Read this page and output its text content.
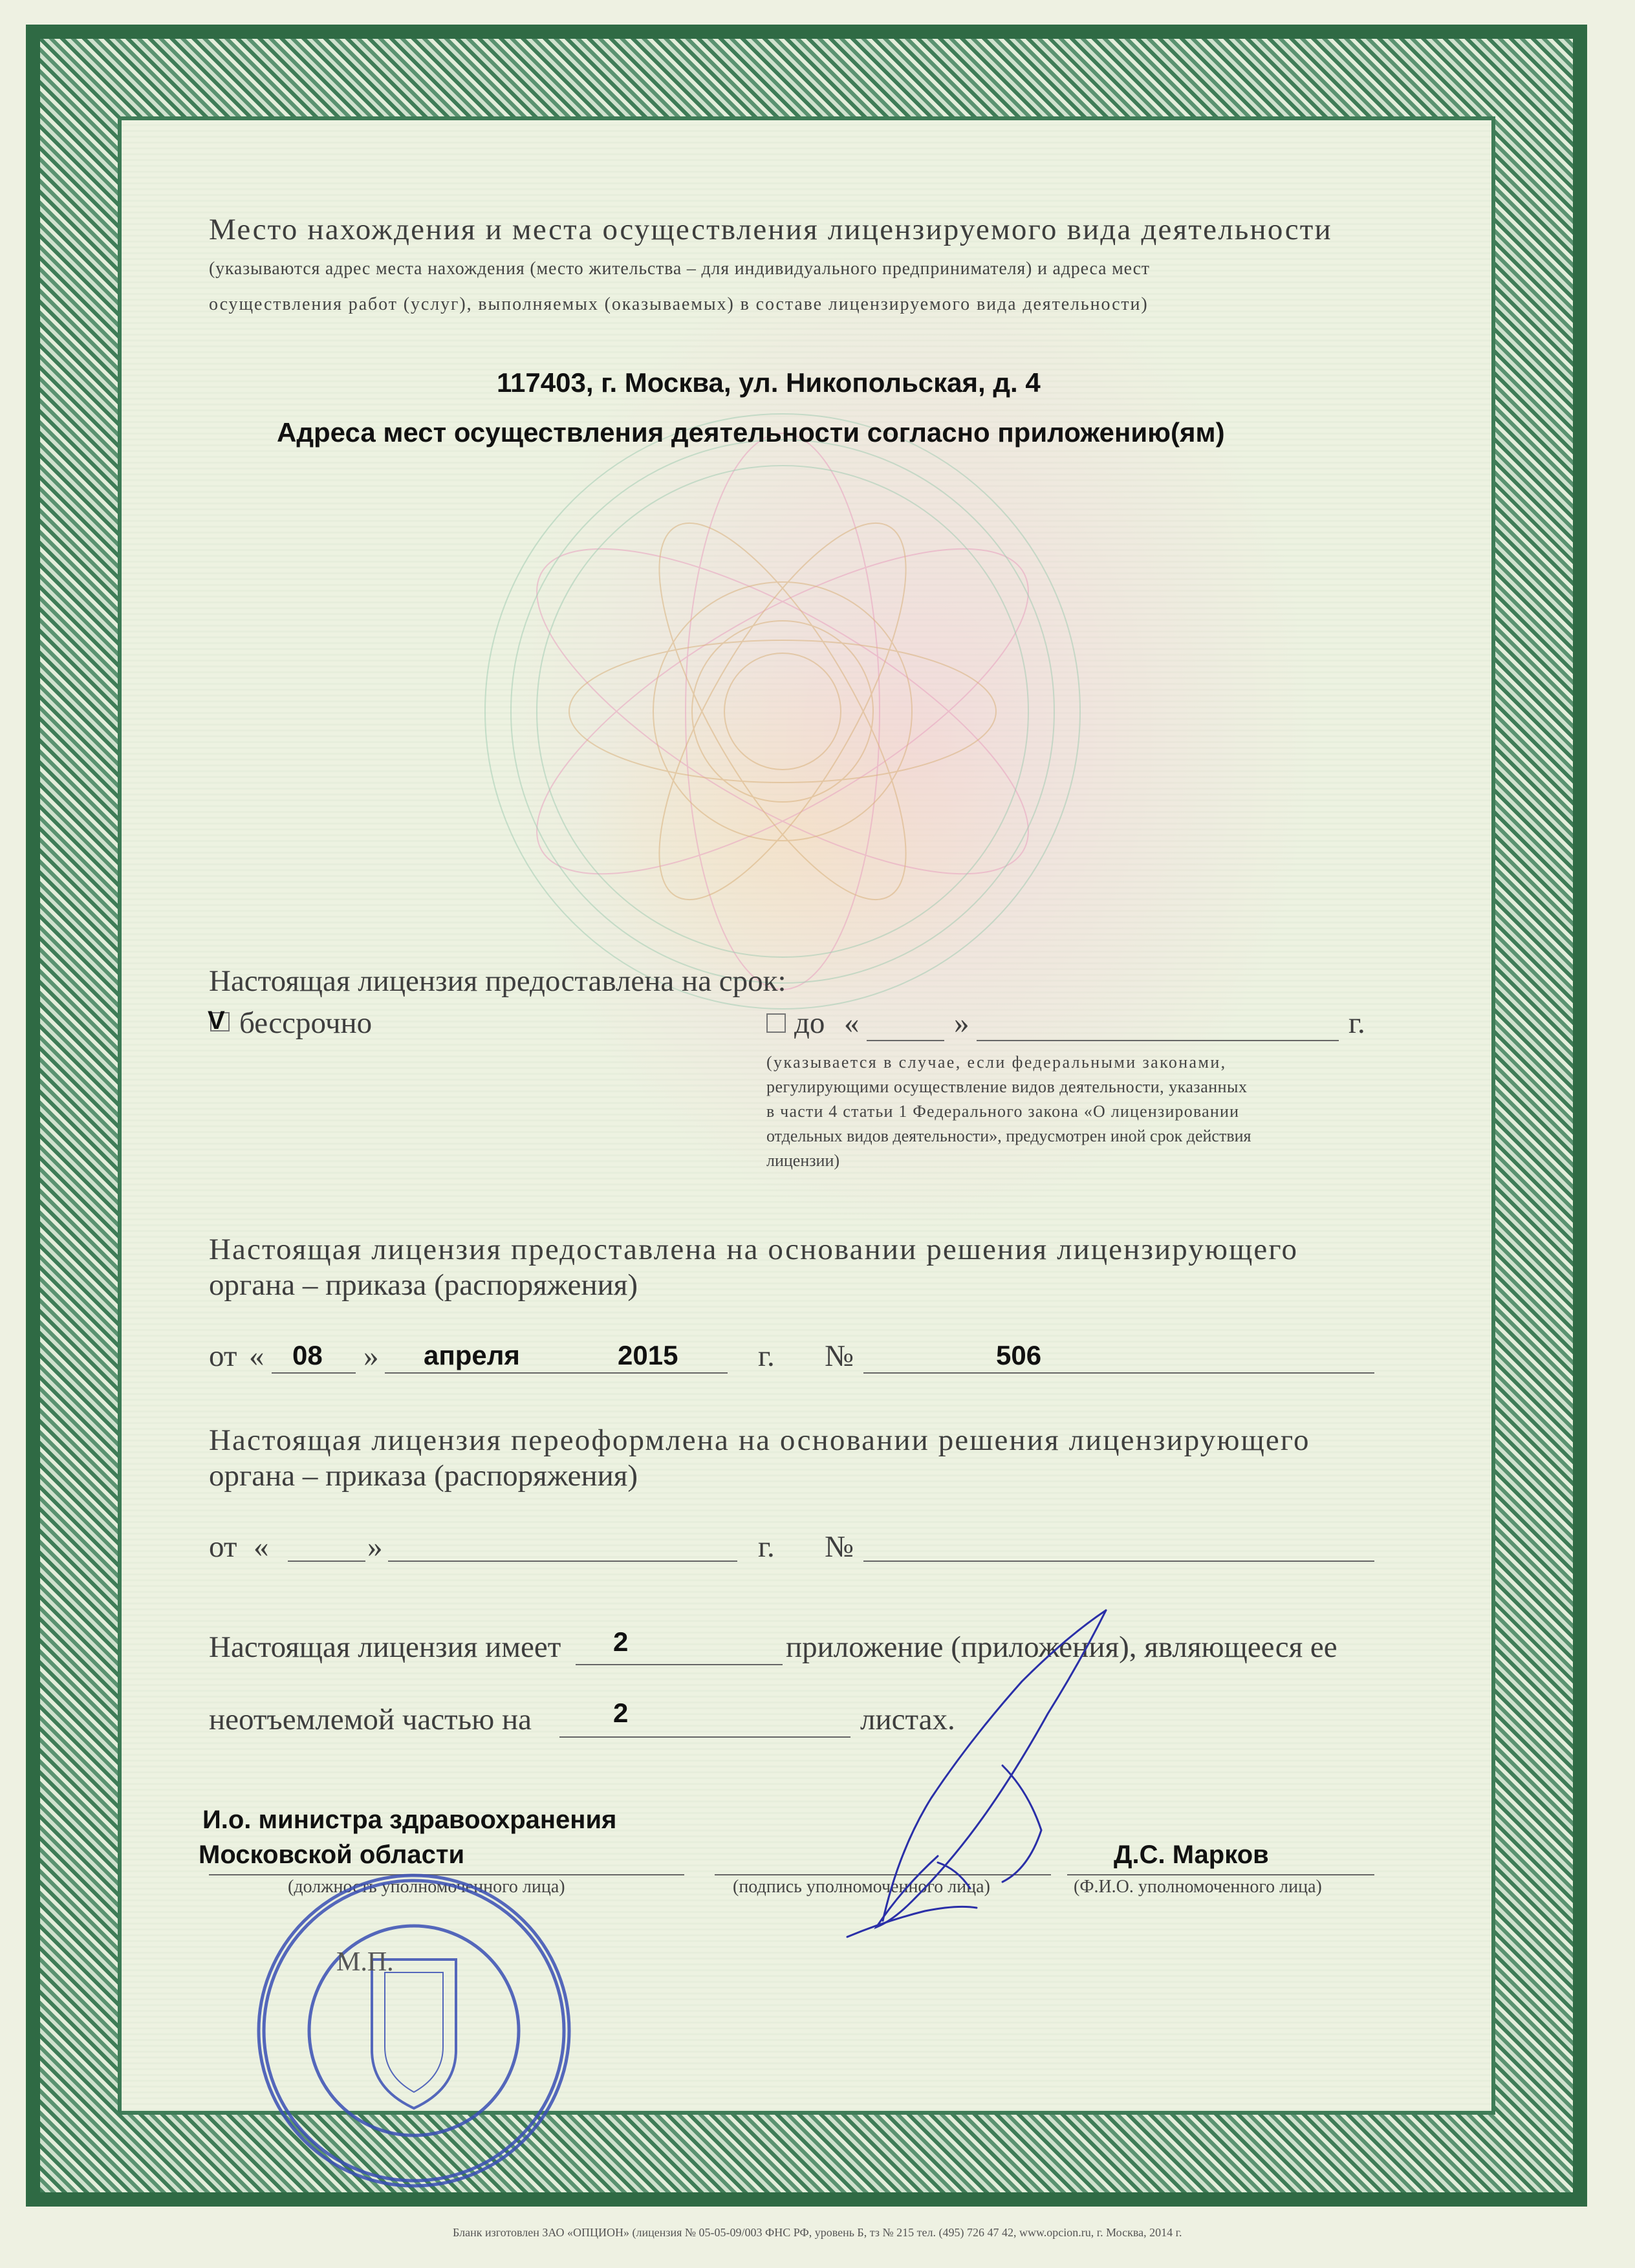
Место нахождения и места осуществления лицензируемого вида деятельности
(указываются адрес места нахождения (место жительства – для индивидуального предпринимателя) и адреса мест
осуществления работ (услуг), выполняемых (оказываемых) в составе лицензируемого вида деятельности)
117403, г. Москва, ул. Никопольская, д. 4
Адреса мест осуществления деятельности согласно приложению(ям)
Настоящая лицензия предоставлена на срок:
V бессрочно	до «	»	г.
(указывается в случае, если федеральными законами,
регулирующими осуществление видов деятельности, указанных
в части 4 статьи 1 Федерального закона «О лицензировании
отдельных видов деятельности», предусмотрен иной срок действия
лицензии)
Настоящая лицензия предоставлена на основании решения лицензирующего
органа – приказа (распоряжения)
от « 08 » апреля	2015	г. №	506
Настоящая лицензия переоформлена на основании решения лицензирующего
органа – приказа (распоряжения)
от «	»	г. №
Настоящая лицензия имеет 2	приложение (приложения), являющееся ее
неотъемлемой частью на	2	листах.
И.о. министра здравоохранения
Московской области	Д.С. Марков
(должность уполномоченного лица)	(подпись уполномоченного лица)	(Ф.И.О. уполномоченного лица)
М.П.
Бланк изготовлен ЗАО «ОПЦИОН» (лицензия № 05-05-09/003 ФНС РФ, уровень Б, тз № 215 тел. (495) 726 47 42, www.opcion.ru, г. Москва, 2014 г.
